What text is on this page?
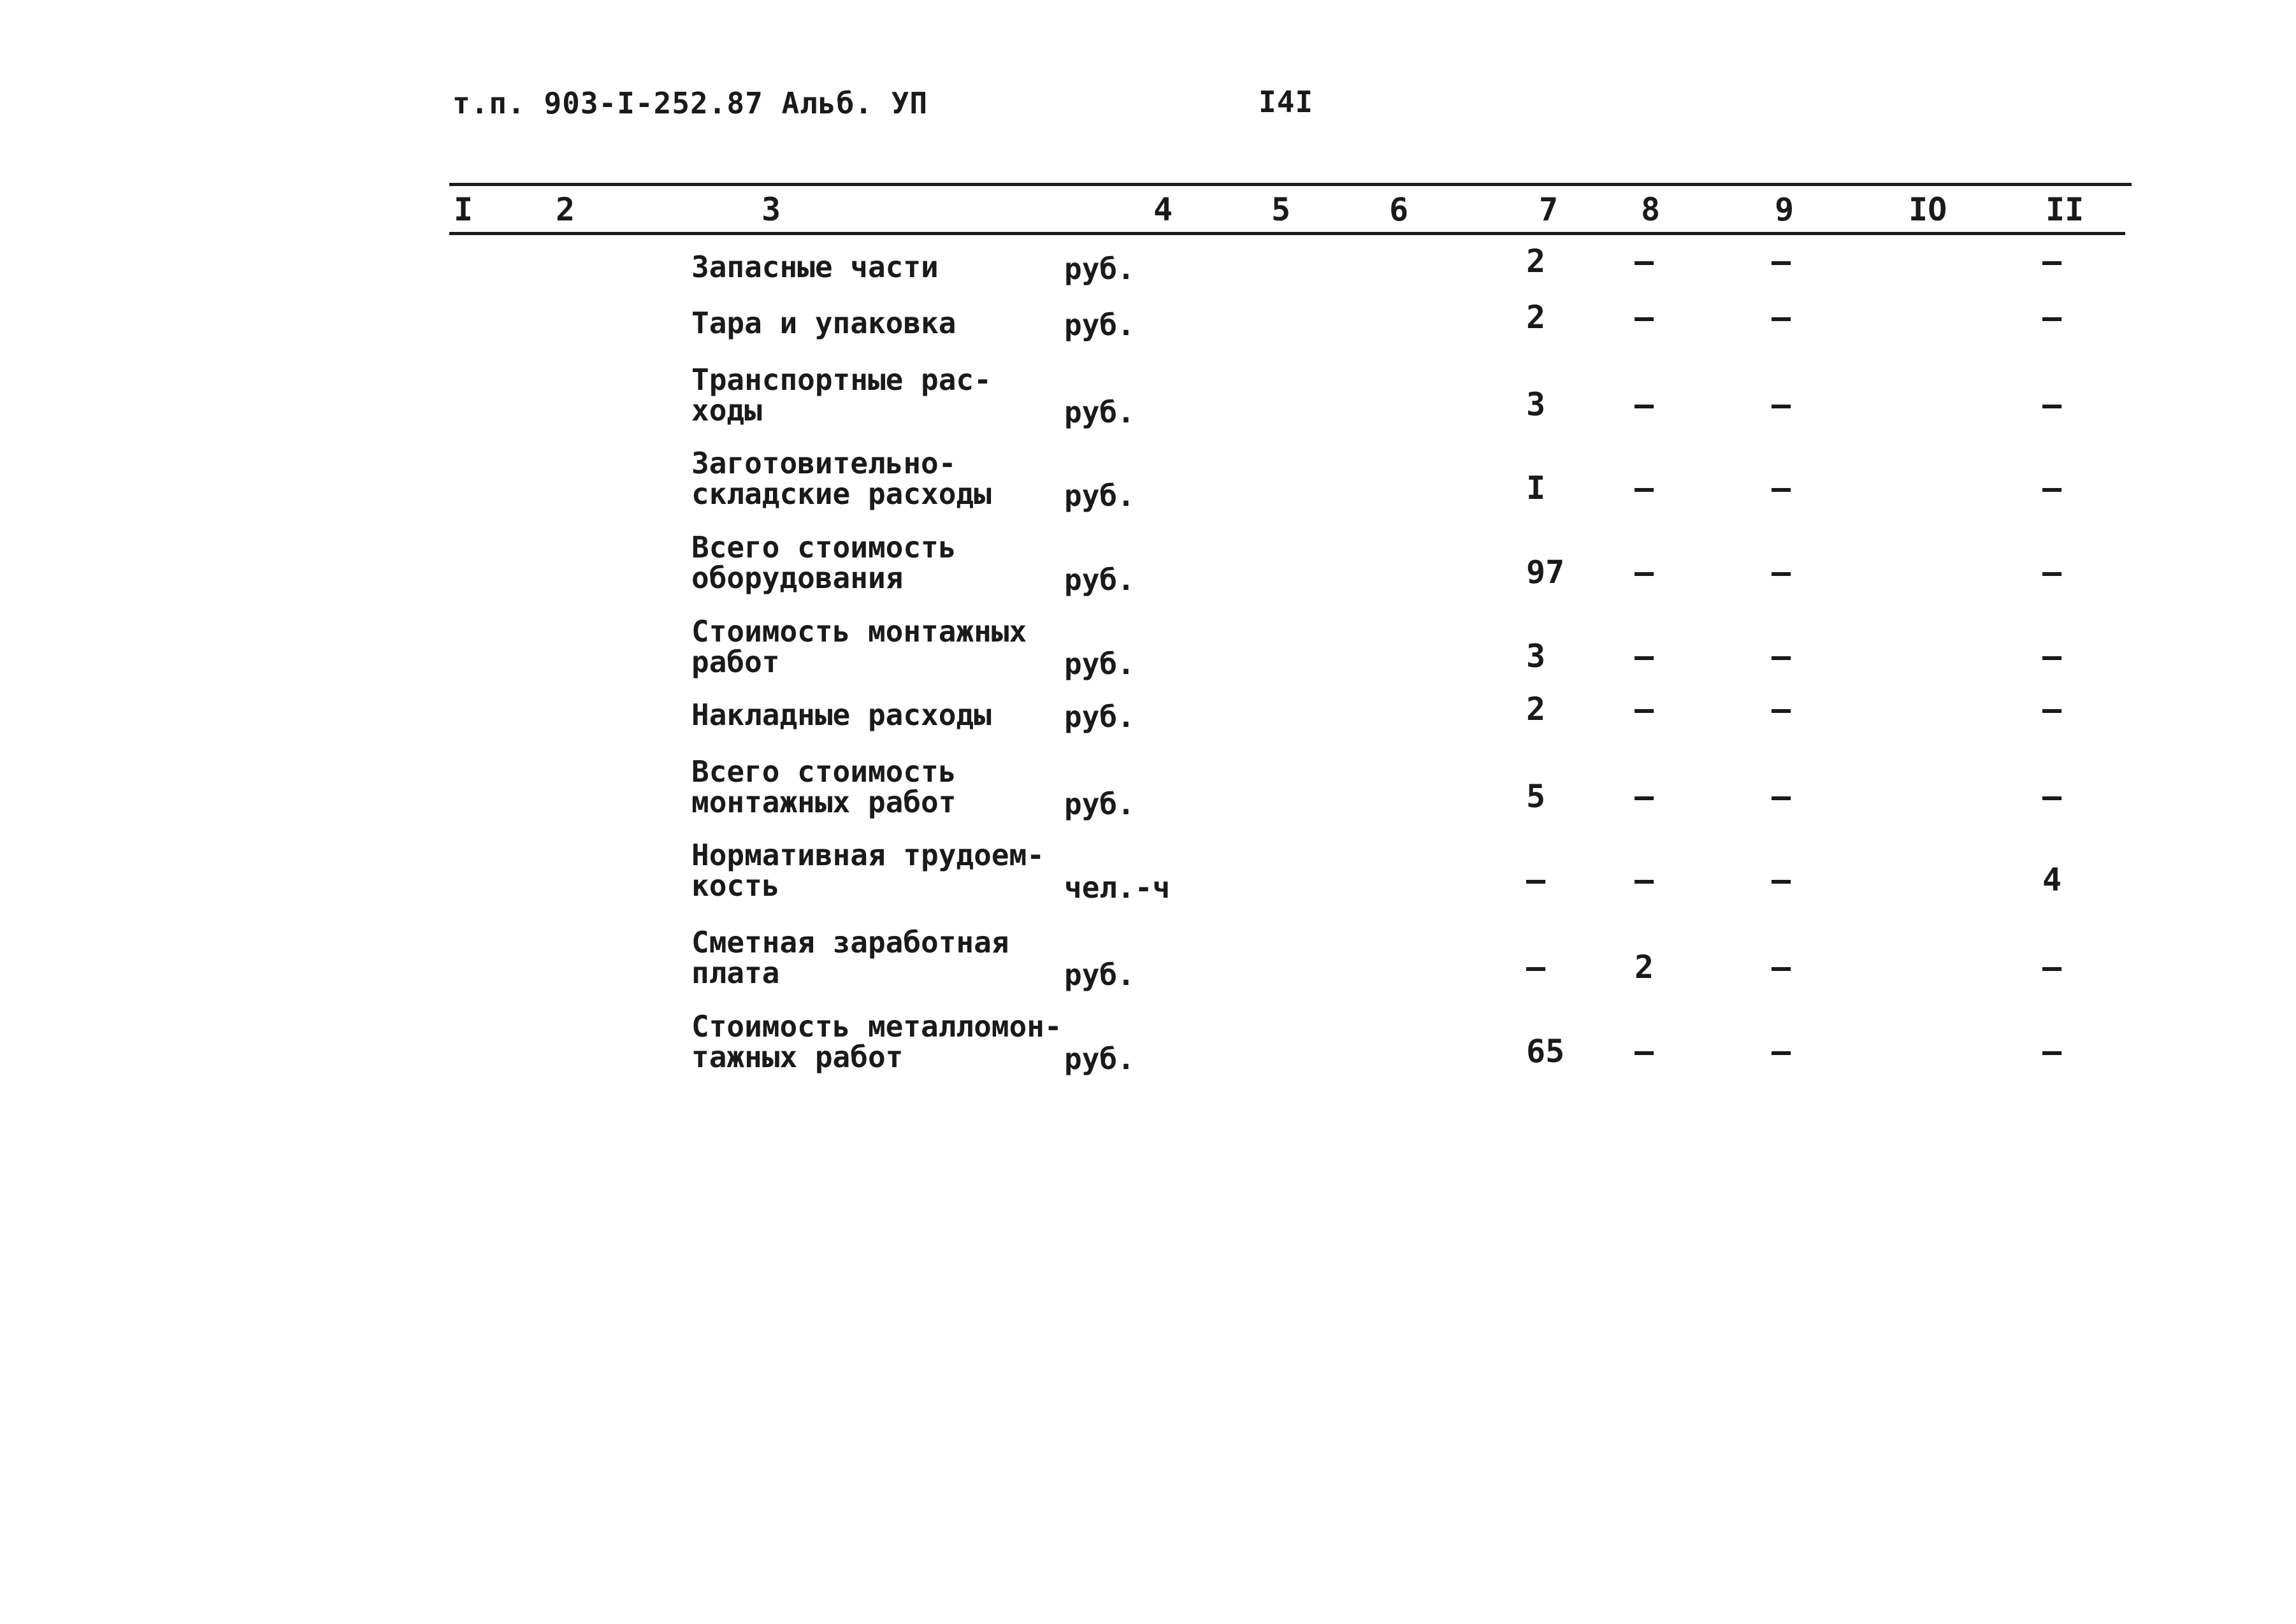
т.п. 903-I-252.87 Альб. УП	I4I
I	2	3	4	5	6	7	8	9	IO	II
Запасные части	руб.	2	–	–	–
Тара и упаковка	руб.	2	–	–	–
Транспортные рас-
ходы	руб.	3	–	–	–
Заготовительно-
складские расходы руб.	I	–	–	–
Всего стоимость
оборудования	руб.	97 –	–	–
Стоимость монтажных
работ	руб.	3	–	–	–
Накладные расходы руб.	2	–	–	–
Всего стоимость
монтажных работ	руб.	5	–	–	–
Нормативная трудоем-
кость	чел.-ч	–	–	–	4
Сметная заработная
плата	руб.	–	2	–	–
Стоимость металломон-
тажных работ	руб.	65 –	–	–
